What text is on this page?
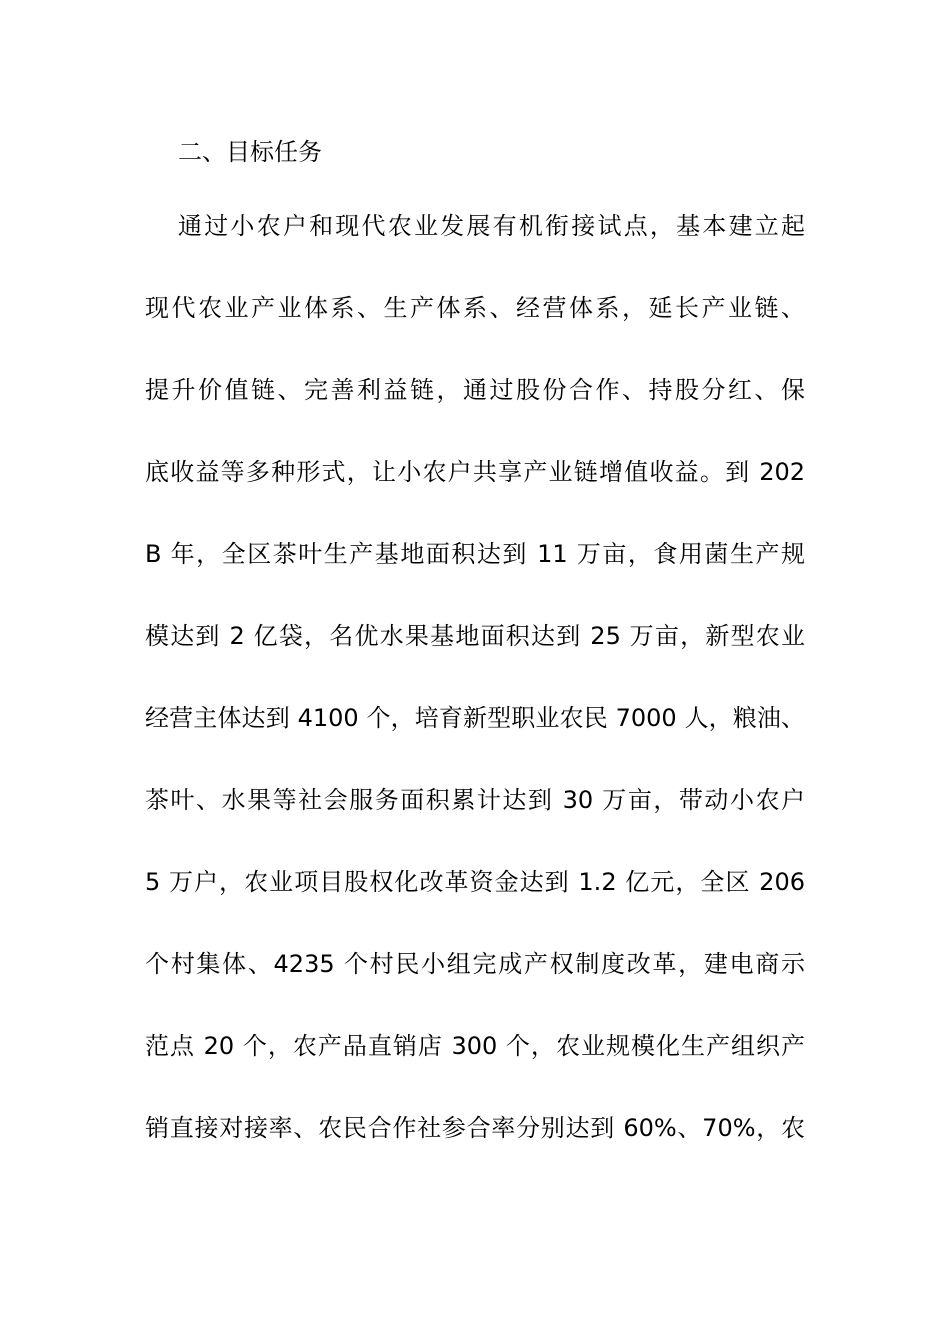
二、目标任务
通过小农户和现代农业发展有机衔接试点，基本建立起
现代农业产业体系、生产体系、经营体系，延长产业链、
提升价值链、完善利益链，通过股份合作、持股分红、保
底收益等多种形式，让小农户共享产业链增值收益。到 202
B 年，全区茶叶生产基地面积达到 11 万亩，食用菌生产规
模达到 2 亿袋，名优水果基地面积达到 25 万亩，新型农业
经营主体达到 4100 个，培育新型职业农民 7000 人，粮油、
茶叶、水果等社会服务面积累计达到 30 万亩，带动小农户
5 万户，农业项目股权化改革资金达到 1.2 亿元，全区 206
个村集体、4235 个村民小组完成产权制度改革，建电商示
范点 20 个，农产品直销店 300 个，农业规模化生产组织产
销直接对接率、农民合作社参合率分别达到 60%、70%，农
